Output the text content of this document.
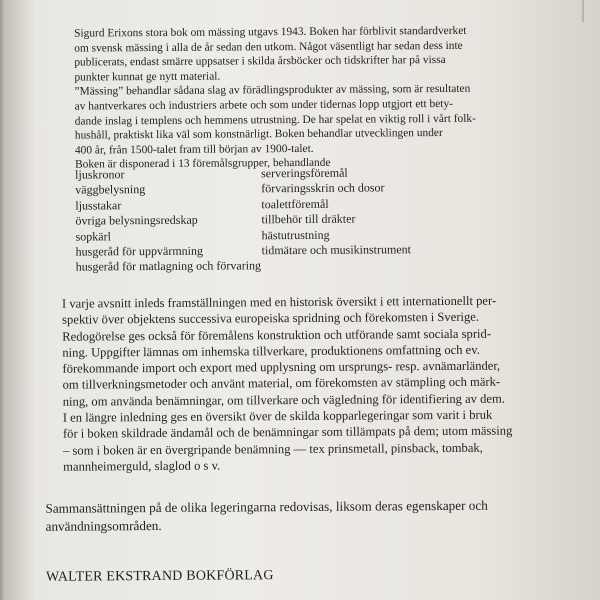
Sigurd Erixons stora bok om mässing utgavs 1943. Boken har förblivit standardverket
om svensk mässing i alla de år sedan den utkom. Något väsentligt har sedan dess inte
publicerats, endast smärre uppsatser i skilda årsböcker och tidskrifter har på vissa
punkter kunnat ge nytt material.
”Mässing” behandlar sådana slag av förädlingsprodukter av mässing, som är resultaten
av hantverkares och industriers arbete och som under tidernas lopp utgjort ett bety-
dande inslag i templens och hemmens utrustning. De har spelat en viktig roll i vårt folk-
hushåll, praktiskt lika väl som konstnärligt. Boken behandlar utvecklingen under
400 år, från 1500-talet fram till början av 1900-talet.
Boken är disponerad i 13 föremålsgrupper, behandlande

ljuskronor
väggbelysning
ljusstakar
övriga belysningsredskap
sopkärl
husgeråd för uppvärmning
husgeråd för matlagning och förvaring
serveringsföremål
förvaringsskrin och dosor
toalettföremål
tillbehör till dräkter
hästutrustning
tidmätare och musikinstrument

I varje avsnitt inleds framställningen med en historisk översikt i ett internationellt per-
spektiv över objektens successiva europeiska spridning och förekomsten i Sverige.
Redogörelse ges också för föremålens konstruktion och utförande samt sociala sprid-
ning. Uppgifter lämnas om inhemska tillverkare, produktionens omfattning och ev.
förekommande import och export med upplysning om ursprungs- resp. avnämarländer,
om tillverkningsmetoder och använt material, om förekomsten av stämpling och märk-
ning, om använda benämningar, om tillverkare och vägledning för identifiering av dem.
I en längre inledning ges en översikt över de skilda kopparlegeringar som varit i bruk
för i boken skildrade ändamål och de benämningar som tillämpats på dem; utom mässing
– som i boken är en övergripande benämning — tex prinsmetall, pinsback, tombak,
mannheimerguld, slaglod o s v.

Sammansättningen på de olika legeringarna redovisas, liksom deras egenskaper och
användningsområden.

WALTER EKSTRAND BOKFÖRLAG
